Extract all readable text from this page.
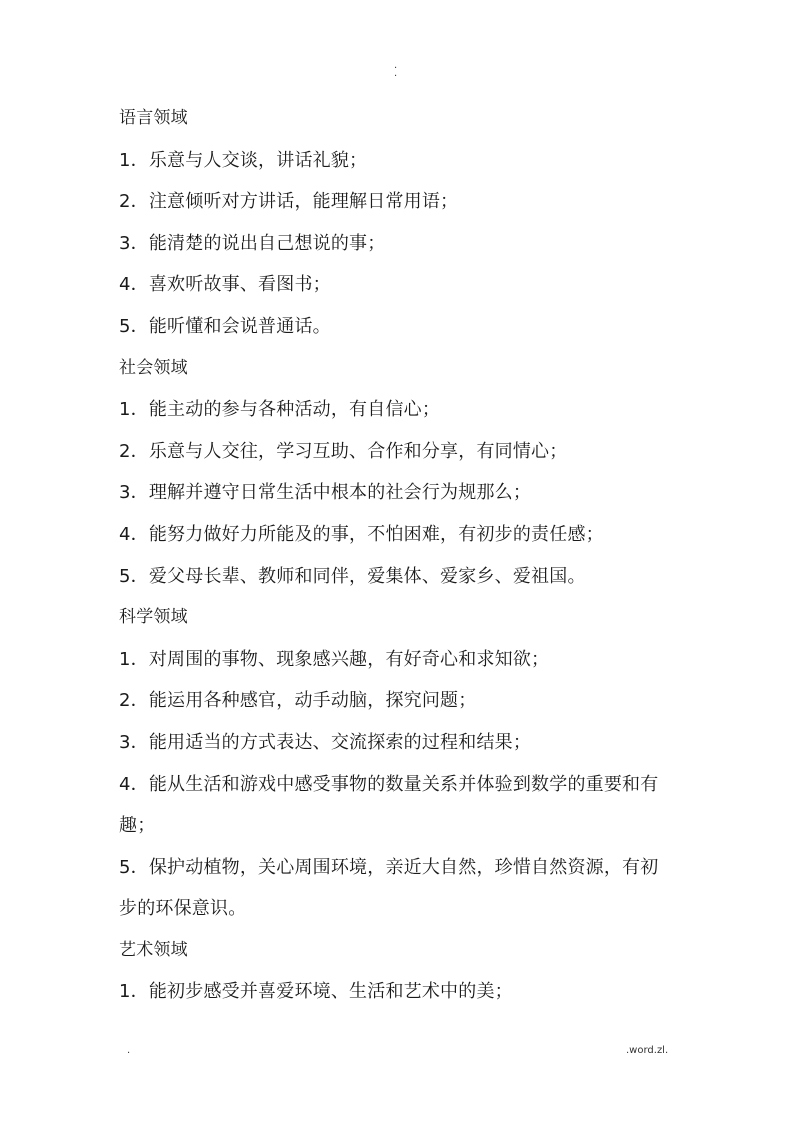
.
.
语言领域
1．乐意与人交谈，讲话礼貌；
2．注意倾听对方讲话，能理解日常用语；
3．能清楚的说出自己想说的事；
4．喜欢听故事、看图书；
5．能听懂和会说普通话。
社会领域
1．能主动的参与各种活动，有自信心；
2．乐意与人交往，学习互助、合作和分享，有同情心；
3．理解并遵守日常生活中根本的社会行为规那么；
4．能努力做好力所能及的事，不怕困难，有初步的责任感；
5．爱父母长辈、教师和同伴，爱集体、爱家乡、爱祖国。
科学领域
1．对周围的事物、现象感兴趣，有好奇心和求知欲；
2．能运用各种感官，动手动脑，探究问题；
3．能用适当的方式表达、交流探索的过程和结果；
4．能从生活和游戏中感受事物的数量关系并体验到数学的重要和有
趣；
5．保护动植物，关心周围环境，亲近大自然，珍惜自然资源，有初
步的环保意识。
艺术领域
1．能初步感受并喜爱环境、生活和艺术中的美；
.	.word.zl.
